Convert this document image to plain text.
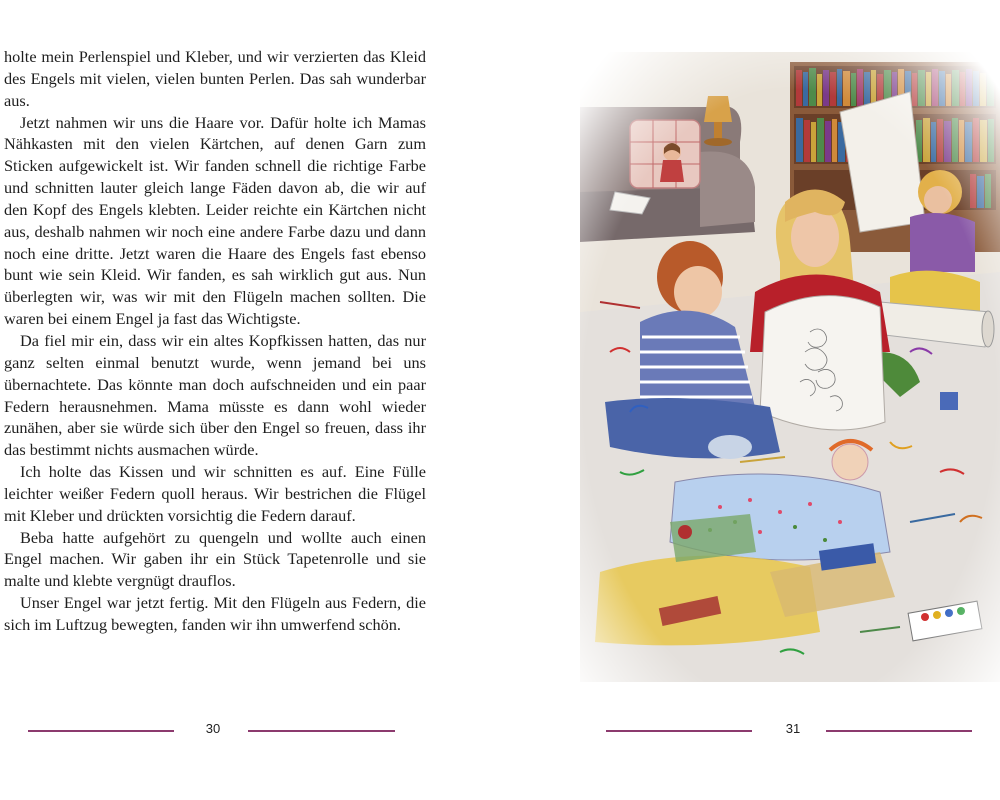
holte mein Perlenspiel und Kleber, und wir verzierten das Kleid des Engels mit vielen, vielen bunten Perlen. Das sah wunderbar aus.

Jetzt nahmen wir uns die Haare vor. Dafür holte ich Mamas Nähkasten mit den vielen Kärtchen, auf denen Garn zum Sticken aufgewickelt ist. Wir fanden schnell die richtige Farbe und schnitten lauter gleich lange Fäden davon ab, die wir auf den Kopf des Engels klebten. Leider reichte ein Kärtchen nicht aus, deshalb nahmen wir noch eine andere Farbe dazu und dann noch eine dritte. Jetzt waren die Haare des Engels fast ebenso bunt wie sein Kleid. Wir fanden, es sah wirklich gut aus. Nun überlegten wir, was wir mit den Flügeln machen sollten. Die waren bei einem Engel ja fast das Wichtigste.

Da fiel mir ein, dass wir ein altes Kopfkissen hatten, das nur ganz selten einmal benutzt wurde, wenn jemand bei uns übernachtete. Das könnte man doch aufschneiden und ein paar Federn herausnehmen. Mama müsste es dann wohl wieder zunähen, aber sie würde sich über den Engel so freuen, dass ihr das bestimmt nichts ausmachen würde.

Ich holte das Kissen und wir schnitten es auf. Eine Fülle leichter weißer Federn quoll heraus. Wir bestrichen die Flügel mit Kleber und drückten vorsichtig die Federn darauf.

Beba hatte aufgehört zu quengeln und wollte auch einen Engel machen. Wir gaben ihr ein Stück Tapetenrolle und sie malte und klebte vergnügt drauflos.

Unser Engel war jetzt fertig. Mit den Flügeln aus Federn, die sich im Luftzug bewegten, fanden wir ihn umwerfend schön.

30	31
